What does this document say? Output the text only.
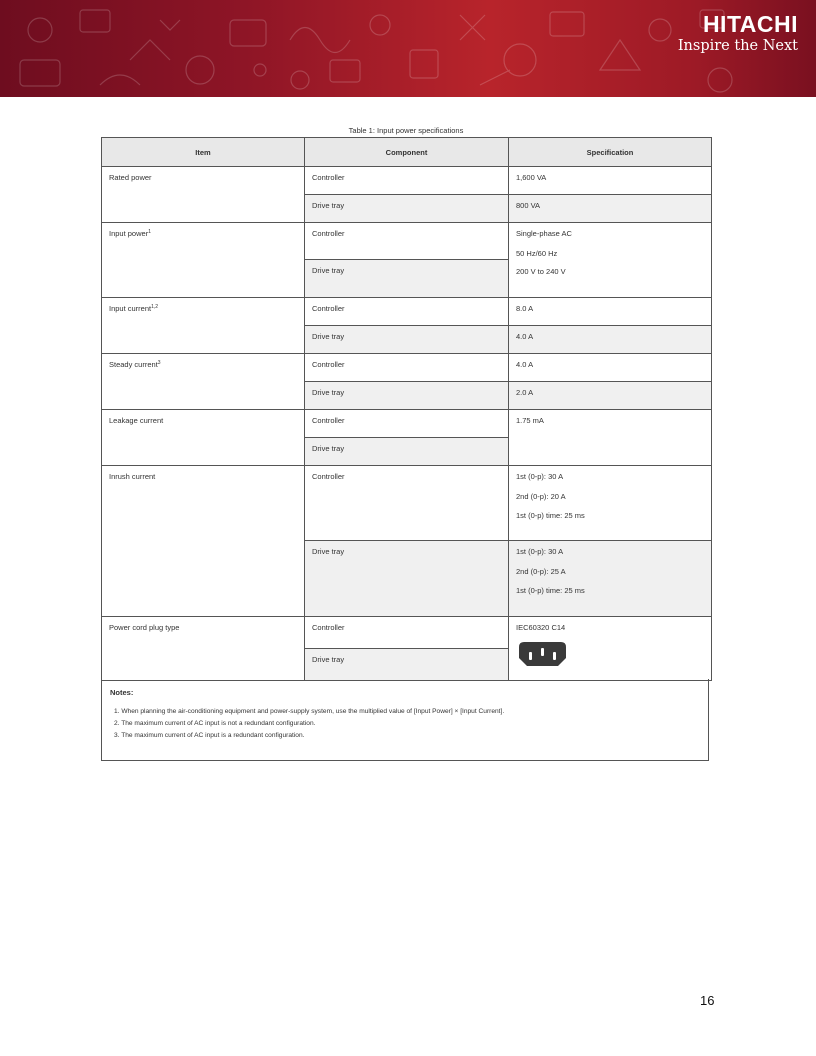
HITACHI
Inspire the Next
Table 1: Input power specifications
Item	Component	Specification
Rated power	Controller	1,600 VA
	Drive tray	800 VA
Input power$^1$	Controller	Single-phase AC
50 Hz/60 Hz
200 V to 240 V

	Drive tray	
Input current$^{1,2}$	Controller	8.0 A
	Drive tray	4.0 A
Steady current$^3$	Controller	4.0 A
	Drive tray	2.0 A
Leakage current	Controller	1.75 mA
	Drive tray	
Inrush current	Controller	1st (0-p): 30 A
2nd (0-p): 20 A
1st (0-p) time: 25 ms

	Drive tray	1st (0-p): 30 A
2nd (0-p): 25 A
1st (0-p) time: 25 ms

Power cord plug type	Controller	IEC60320 C14
	Drive tray	
Notes:
1. When planning the air-conditioning equipment and power-supply system, use the multiplied value of [Input Power] × [Input Current].
2. The maximum current of AC input is not a redundant configuration.
3. The maximum current of AC input is a redundant configuration.
16
